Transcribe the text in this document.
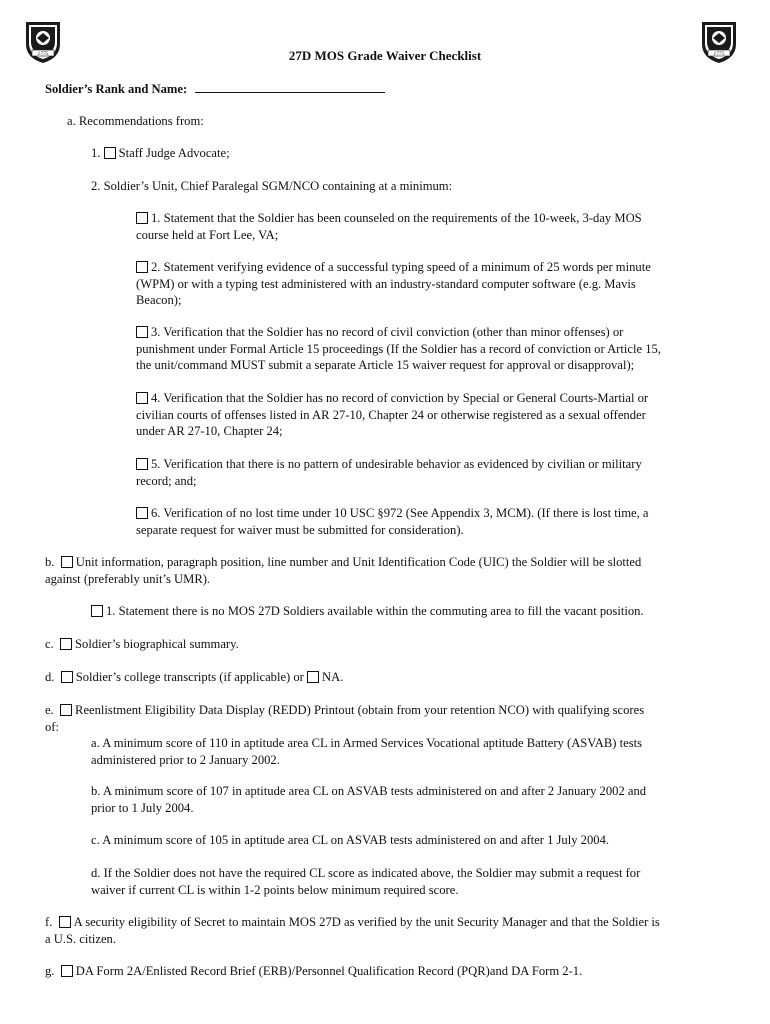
1775	1775
27D MOS Grade Waiver Checklist
Soldier’s Rank and Name:
a. Recommendations from:
1. Staff Judge Advocate;
2. Soldier’s Unit, Chief Paralegal SGM/NCO containing at a minimum:
1. Statement that the Soldier has been counseled on the requirements of the 10-week, 3-day MOS
course held at Fort Lee, VA;
2. Statement verifying evidence of a successful typing speed of a minimum of 25 words per minute
(WPM) or with a typing test administered with an industry-standard computer software (e.g. Mavis
Beacon);
3. Verification that the Soldier has no record of civil conviction (other than minor offenses) or
punishment under Formal Article 15 proceedings (If the Soldier has a record of conviction or Article 15,
the unit/command MUST submit a separate Article 15 waiver request for approval or disapproval);
4. Verification that the Soldier has no record of conviction by Special or General Courts-Martial or
civilian courts of offenses listed in AR 27-10, Chapter 24 or otherwise registered as a sexual offender
under AR 27-10, Chapter 24;
5. Verification that there is no pattern of undesirable behavior as evidenced by civilian or military
record; and;
6. Verification of no lost time under 10 USC §972 (See Appendix 3, MCM). (If there is lost time, a
separate request for waiver must be submitted for consideration).
b. Unit information, paragraph position, line number and Unit Identification Code (UIC) the Soldier will be slotted
against (preferably unit’s UMR).
1. Statement there is no MOS 27D Soldiers available within the commuting area to fill the vacant position.
c. Soldier’s biographical summary.
d. Soldier’s college transcripts (if applicable) or NA.
e. Reenlistment Eligibility Data Display (REDD) Printout (obtain from your retention NCO) with qualifying scores
of:
a. A minimum score of 110 in aptitude area CL in Armed Services Vocational aptitude Battery (ASVAB) tests
administered prior to 2 January 2002.
b. A minimum score of 107 in aptitude area CL on ASVAB tests administered on and after 2 January 2002 and
prior to 1 July 2004.
c. A minimum score of 105 in aptitude area CL on ASVAB tests administered on and after 1 July 2004.
d. If the Soldier does not have the required CL score as indicated above, the Soldier may submit a request for
waiver if current CL is within 1-2 points below minimum required score.
f. A security eligibility of Secret to maintain MOS 27D as verified by the unit Security Manager and that the Soldier is
a U.S. citizen.
g. DA Form 2A/Enlisted Record Brief (ERB)/Personnel Qualification Record (PQR)and DA Form 2-1.
